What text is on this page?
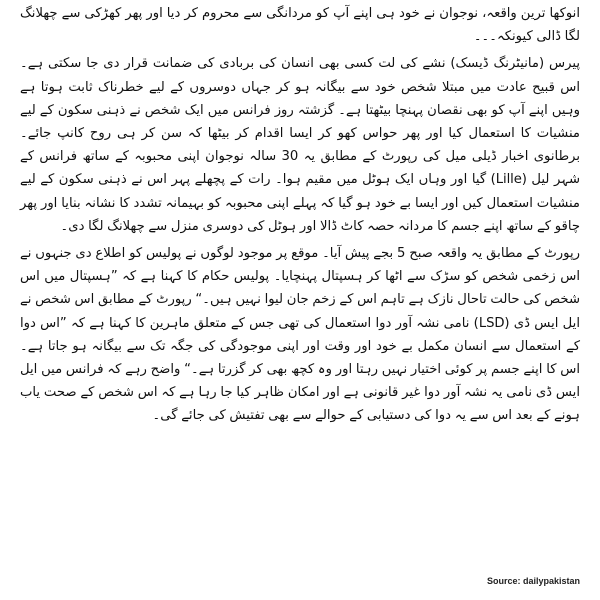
انوکھا ترین واقعہ، نوجوان نے خود ہی اپنے آپ کو مردانگی سے محروم کر دیا اور پھر کھڑکی سے چھلانگ لگا ڈالی کیونکہ۔۔۔

پیرس (مانیٹرنگ ڈیسک) نشے کی لت کسی بھی انسان کی بربادی کی ضمانت قرار دی جا سکتی ہے۔ اس قبیح عادت میں مبتلا شخص خود سے بیگانہ ہو کر جہاں دوسروں کے لیے خطرناک ثابت ہوتا ہے وہیں اپنے آپ کو بھی نقصان پہنچا بیٹھتا ہے۔ گزشتہ روز فرانس میں ایک شخص نے ذہنی سکون کے لیے منشیات کا استعمال کیا اور پھر حواس کھو کر ایسا اقدام کر بیٹھا کہ سن کر ہی روح کانپ جائے۔ برطانوی اخبار ڈیلی میل کی رپورٹ کے مطابق یہ 30 سالہ نوجوان اپنی محبوبہ کے ساتھ فرانس کے شہر لیل (Lille) گیا اور وہاں ایک ہوٹل میں مقیم ہوا۔ رات کے پچھلے پہر اس نے ذہنی سکون کے لیے منشیات استعمال کیں اور ایسا بے خود ہو گیا کہ پہلے اپنی محبوبہ کو بہیمانہ تشدد کا نشانہ بنایا اور پھر چاقو کے ساتھ اپنے جسم کا مردانہ حصہ کاٹ ڈالا اور ہوٹل کی دوسری منزل سے چھلانگ لگا دی۔

رپورٹ کے مطابق یہ واقعہ صبح 5 بجے پیش آیا۔ موقع پر موجود لوگوں نے پولیس کو اطلاع دی جنہوں نے اس زخمی شخص کو سڑک سے اٹھا کر ہسپتال پہنچایا۔ پولیس حکام کا کہنا ہے کہ ”ہسپتال میں اس شخص کی حالت تاحال نازک ہے تاہم اس کے زخم جان لیوا نہیں ہیں۔“ رپورٹ کے مطابق اس شخص نے ایل ایس ڈی (LSD) نامی نشہ آور دوا استعمال کی تھی جس کے متعلق ماہرین کا کہنا ہے کہ ”اس دوا کے استعمال سے انسان مکمل بے خود اور وقت اور اپنی موجودگی کی جگہ تک سے بیگانہ ہو جاتا ہے۔ اس کا اپنے جسم پر کوئی اختیار نہیں رہتا اور وہ کچھ بھی کر گزرتا ہے۔“ واضح رہے کہ فرانس میں ایل ایس ڈی نامی یہ نشہ آور دوا غیر قانونی ہے اور امکان ظاہر کیا جا رہا ہے کہ اس شخص کے صحت یاب ہونے کے بعد اس سے یہ دوا کی دستیابی کے حوالے سے بھی تفتیش کی جائے گی۔

Source: dailypakistan
